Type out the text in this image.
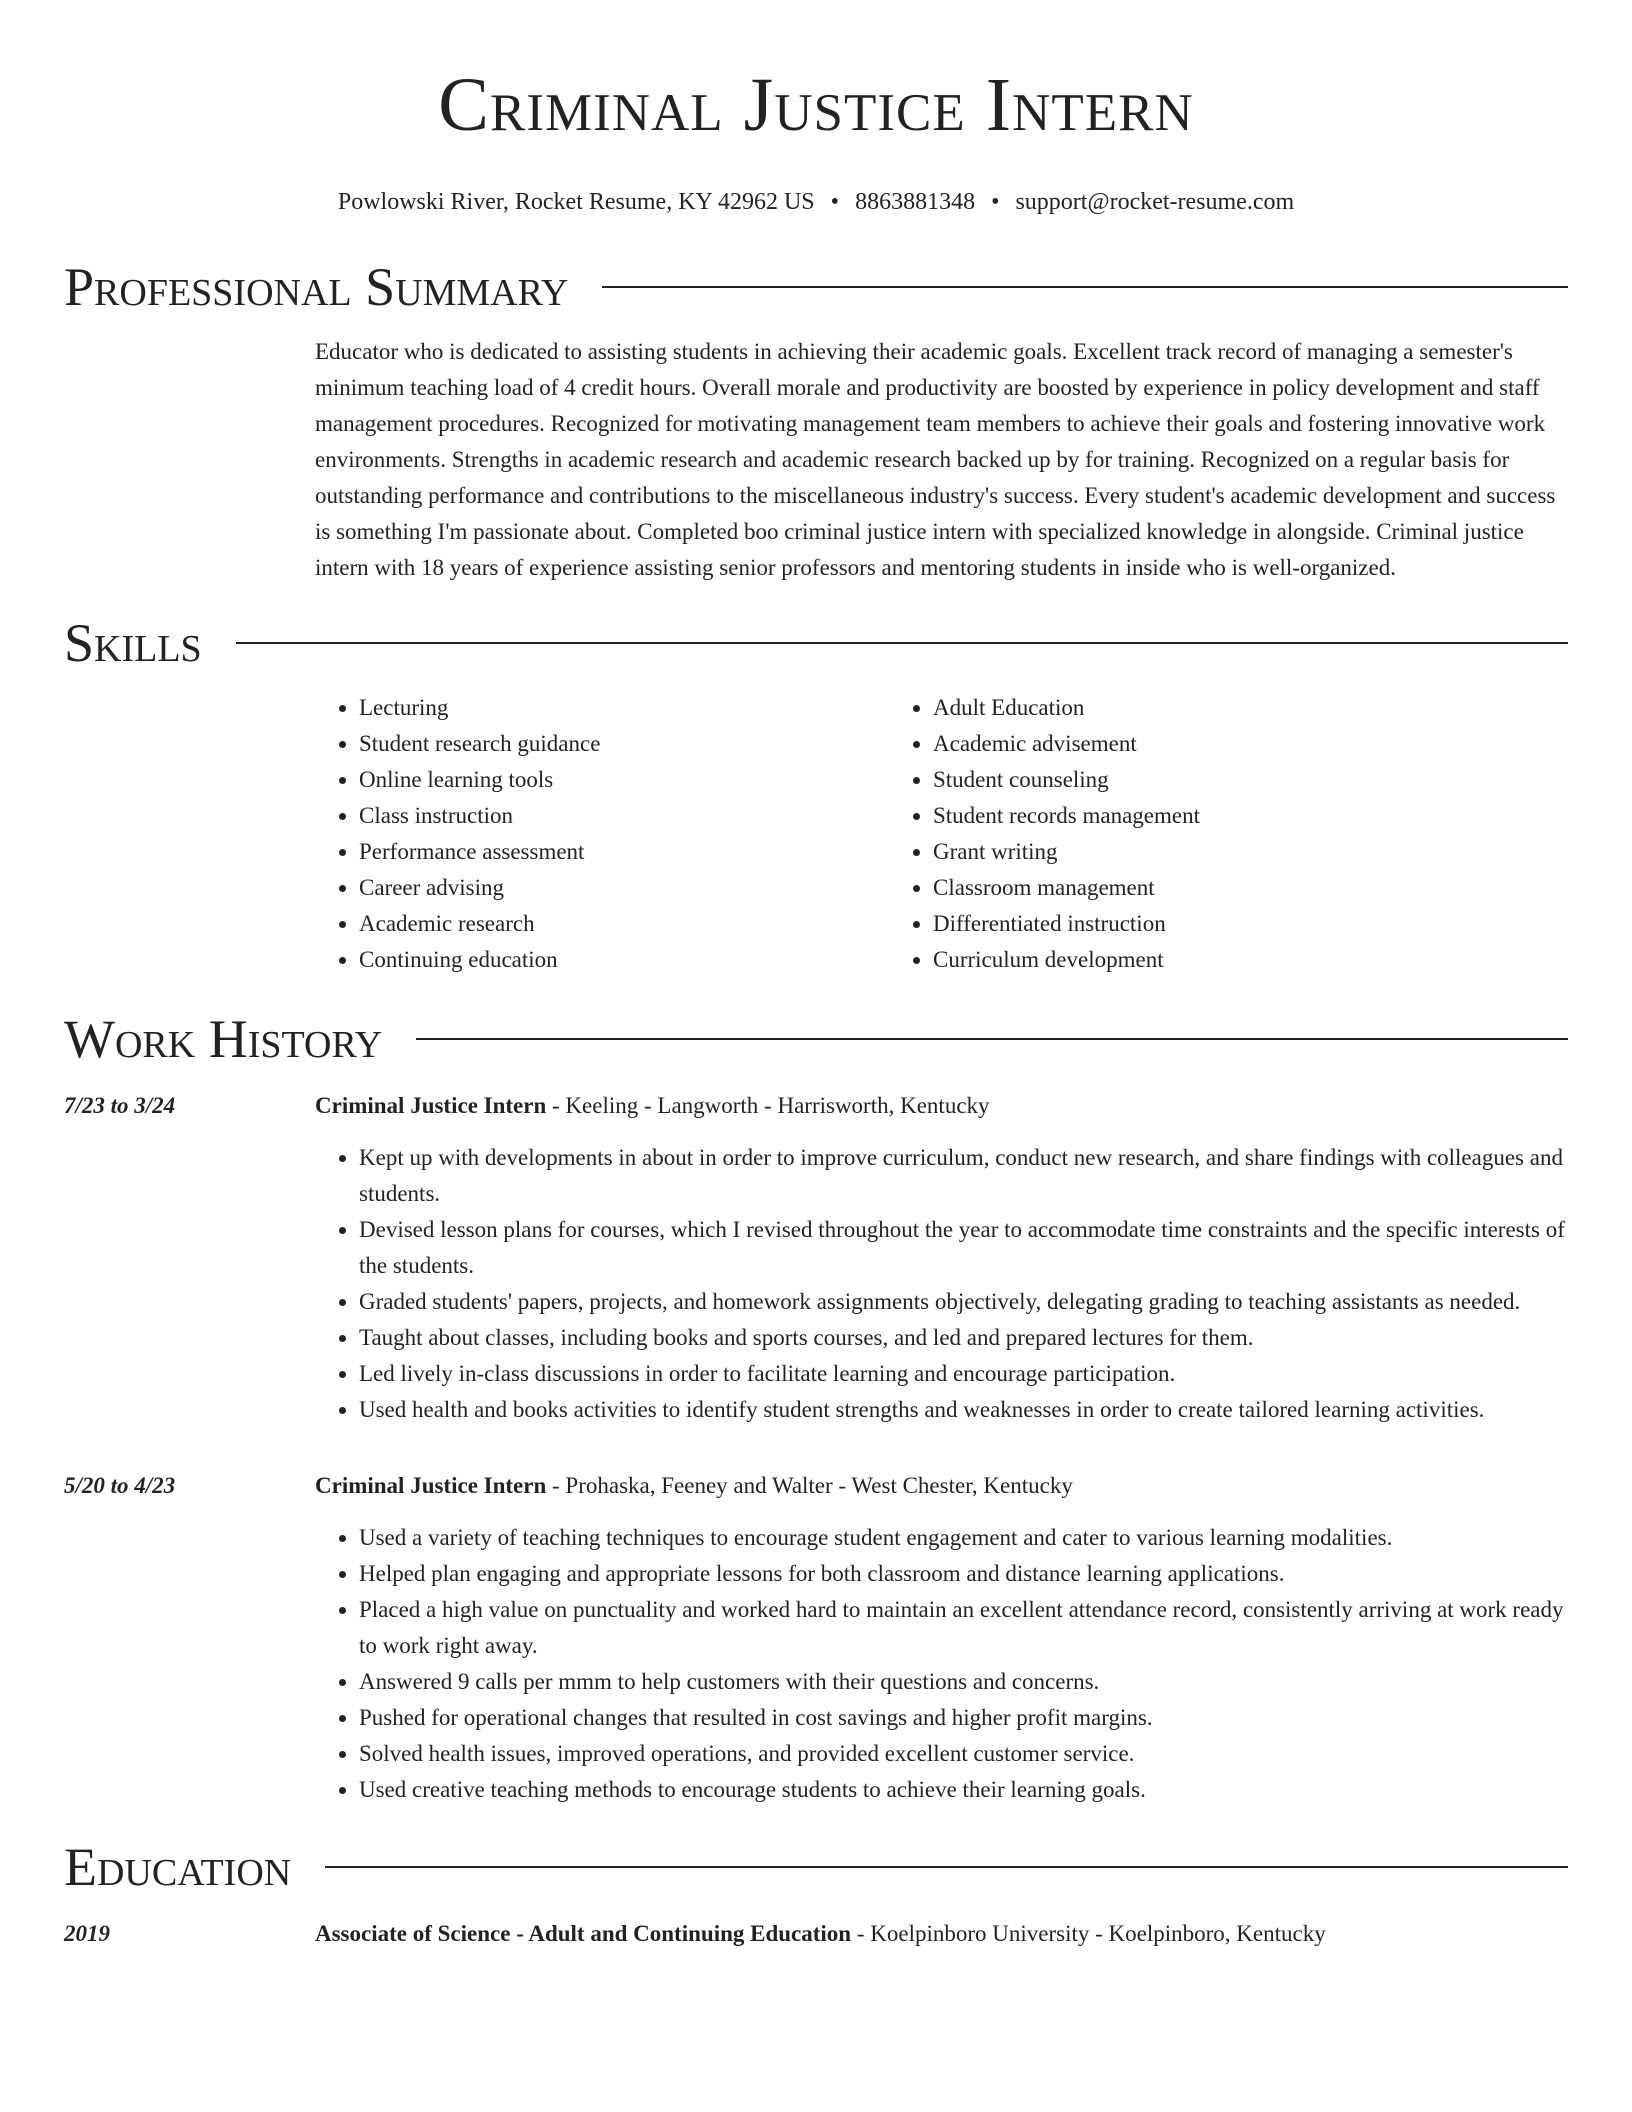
Criminal Justice Intern
Powlowski River, Rocket Resume, KY 42962 US • 8863881348 • support@rocket-resume.com
Professional Summary

Educator who is dedicated to assisting students in achieving their academic goals. Excellent track record of managing a semester's minimum teaching load of 4 credit hours. Overall morale and productivity are boosted by experience in policy development and staff management procedures. Recognized for motivating management team members to achieve their goals and fostering innovative work environments. Strengths in academic research and academic research backed up by for training. Recognized on a regular basis for outstanding performance and contributions to the miscellaneous industry's success. Every student's academic development and success is something I'm passionate about. Completed boo criminal justice intern with specialized knowledge in alongside. Criminal justice intern with 18 years of experience assisting senior professors and mentoring students in inside who is well-organized.

Skills
• Lecturing
• Student research guidance
• Online learning tools
• Class instruction
• Performance assessment
• Career advising
• Academic research
• Continuing education
• Adult Education
• Academic advisement
• Student counseling
• Student records management
• Grant writing
• Classroom management
• Differentiated instruction
• Curriculum development
Work History
7/23 to 3/24	Criminal Justice Intern - Keeling - Langworth - Harrisworth, Kentucky
• Kept up with developments in about in order to improve curriculum, conduct new research, and share findings with colleagues and students.
• Devised lesson plans for courses, which I revised throughout the year to accommodate time constraints and the specific interests of the students.
• Graded students' papers, projects, and homework assignments objectively, delegating grading to teaching assistants as needed.
• Taught about classes, including books and sports courses, and led and prepared lectures for them.
• Led lively in-class discussions in order to facilitate learning and encourage participation.
• Used health and books activities to identify student strengths and weaknesses in order to create tailored learning activities.
5/20 to 4/23	Criminal Justice Intern - Prohaska, Feeney and Walter - West Chester, Kentucky
• Used a variety of teaching techniques to encourage student engagement and cater to various learning modalities.
• Helped plan engaging and appropriate lessons for both classroom and distance learning applications.
• Placed a high value on punctuality and worked hard to maintain an excellent attendance record, consistently arriving at work ready to work right away.
• Answered 9 calls per mmm to help customers with their questions and concerns.
• Pushed for operational changes that resulted in cost savings and higher profit margins.
• Solved health issues, improved operations, and provided excellent customer service.
• Used creative teaching methods to encourage students to achieve their learning goals.
Education
2019	Associate of Science - Adult and Continuing Education - Koelpinboro University - Koelpinboro, Kentucky
